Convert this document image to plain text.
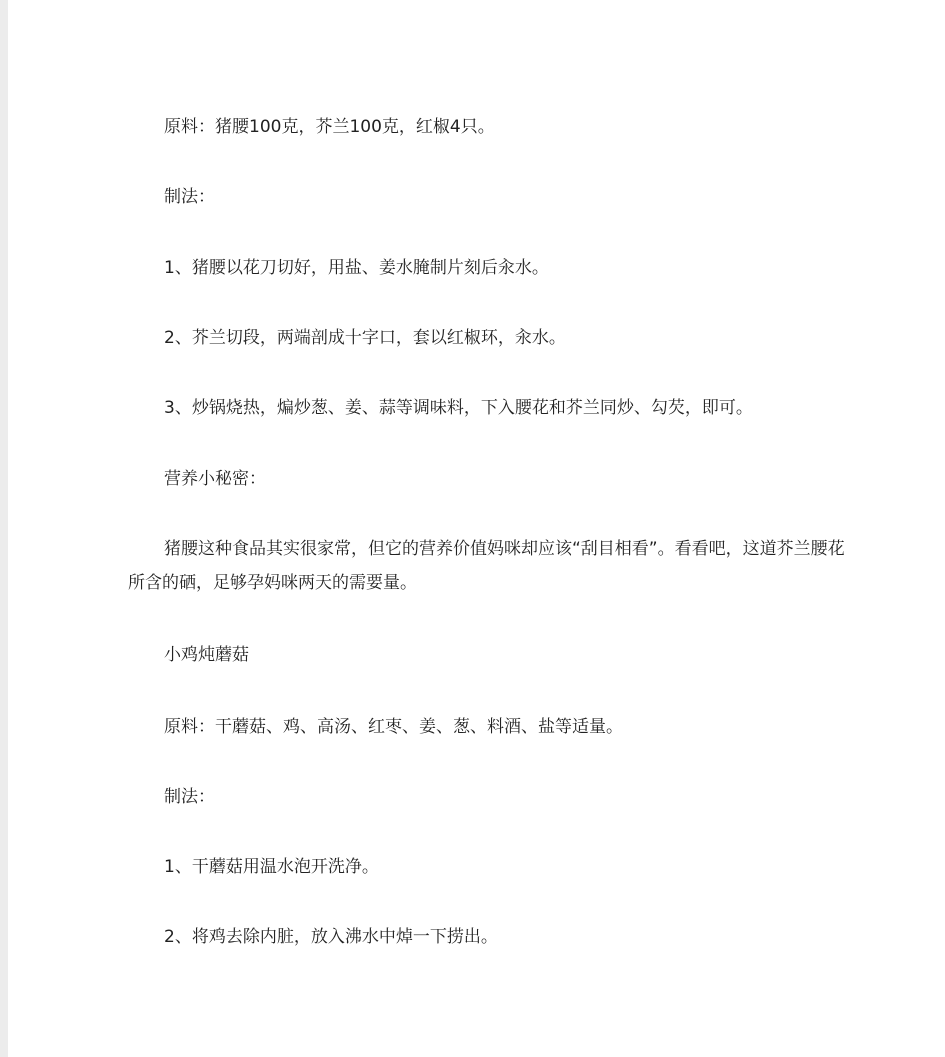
原料：猪腰100克，芥兰100克，红椒4只。

制法：

1、猪腰以花刀切好，用盐、姜水腌制片刻后汆水。

2、芥兰切段，两端剖成十字口，套以红椒环，汆水。

3、炒锅烧热，煸炒葱、姜、蒜等调味料，下入腰花和芥兰同炒、勾芡，即可。

营养小秘密：

猪腰这种食品其实很家常，但它的营养价值妈咪却应该“刮目相看”。看看吧，这道芥兰腰花所含的硒，足够孕妈咪两天的需要量。

小鸡炖蘑菇

原料：干蘑菇、鸡、高汤、红枣、姜、葱、料酒、盐等适量。

制法：

1、干蘑菇用温水泡开洗净。

2、将鸡去除内脏，放入沸水中焯一下捞出。
